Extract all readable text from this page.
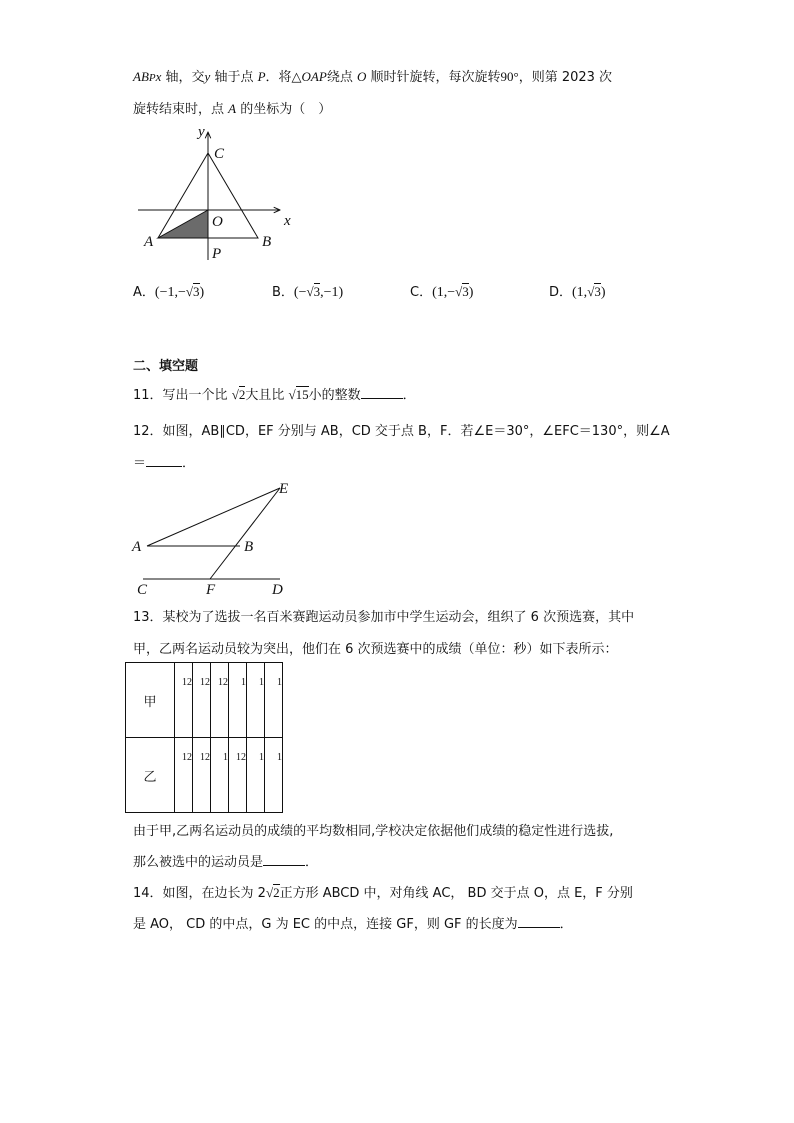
ABPx 轴，交y 轴于点 P．将△OAP绕点 O 顺时针旋转，每次旋转90°，则第 2023 次
旋转结束时，点 A 的坐标为（　）
y
x
C
O
A	B
P
A．(−1,−√3)	B．(−√3,−1)	C．(1,−√3)	D．(1,√3)
二、填空题
11．写出一个比 √2大且比 √15小的整数	．
12．如图，AB∥CD，EF 分别与 AB，CD 交于点 B，F．若∠E＝30°，∠EFC＝130°，则∠A
＝	．
E
A	B
C	F	D
13．某校为了选拔一名百米赛跑运动员参加市中学生运动会，组织了 6 次预选赛，其中
甲，乙两名运动员较为突出，他们在 6 次预选赛中的成绩（单位：秒）如下表所示：
甲	12	12	12	1	1	1
乙	12	12	1	12	1	1
由于甲,乙两名运动员的成绩的平均数相同,学校决定依据他们成绩的稳定性进行选拔,
那么被选中的运动员是	．
14．如图，在边长为 2√2正方形 ABCD 中，对角线 AC， BD 交于点 O，点 E，F 分别
是 AO， CD 的中点，G 为 EC 的中点，连接 GF，则 GF 的长度为	．
